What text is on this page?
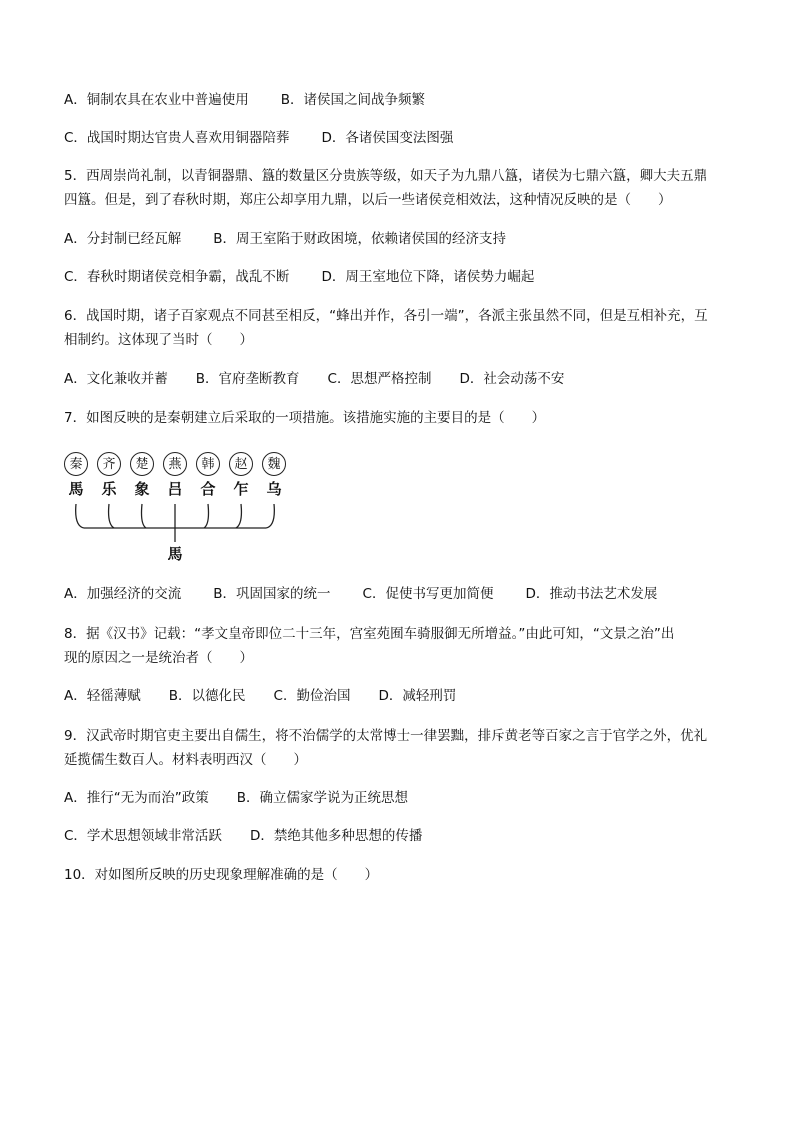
A．铜制农具在农业中普遍使用 B．诸侯国之间战争频繁
C．战国时期达官贵人喜欢用铜器陪葬 D．各诸侯国变法图强
5．西周崇尚礼制，以青铜器鼎、簋的数量区分贵族等级，如天子为九鼎八簋，诸侯为七鼎六簋，卿大夫五鼎
四簋。但是，到了春秋时期，郑庄公却享用九鼎，以后一些诸侯竞相效法，这种情况反映的是（　　）
A．分封制已经瓦解 B．周王室陷于财政困境，依赖诸侯国的经济支持
C．春秋时期诸侯竞相争霸，战乱不断 D．周王室地位下降，诸侯势力崛起
6．战国时期，诸子百家观点不同甚至相反，“蜂出并作，各引一端”，各派主张虽然不同，但是互相补充，互
相制约。这体现了当时（　　）
A．文化兼收并蓄 B．官府垄断教育 C．思想严格控制 D．社会动荡不安
7．如图反映的是秦朝建立后采取的一项措施。该措施实施的主要目的是（　　）
秦	齐	楚	燕	韩	赵	魏
馬	乐	象	吕	合	乍	乌
馬
A．加强经济的交流 B．巩固国家的统一 C．促使书写更加简便 D．推动书法艺术发展
8．据《汉书》记载：“孝文皇帝即位二十三年，宫室苑囿车骑服御无所增益。”由此可知，“文景之治”出
现的原因之一是统治者（　　）
A．轻徭薄赋 B．以德化民 C．勤俭治国 D．减轻刑罚
9．汉武帝时期官吏主要出自儒生，将不治儒学的太常博士一律罢黜，排斥黄老等百家之言于官学之外，优礼
延揽儒生数百人。材料表明西汉（　　）
A．推行“无为而治”政策 B．确立儒家学说为正统思想
C．学术思想领域非常活跃 D．禁绝其他多种思想的传播
10．对如图所反映的历史现象理解准确的是（　　）
